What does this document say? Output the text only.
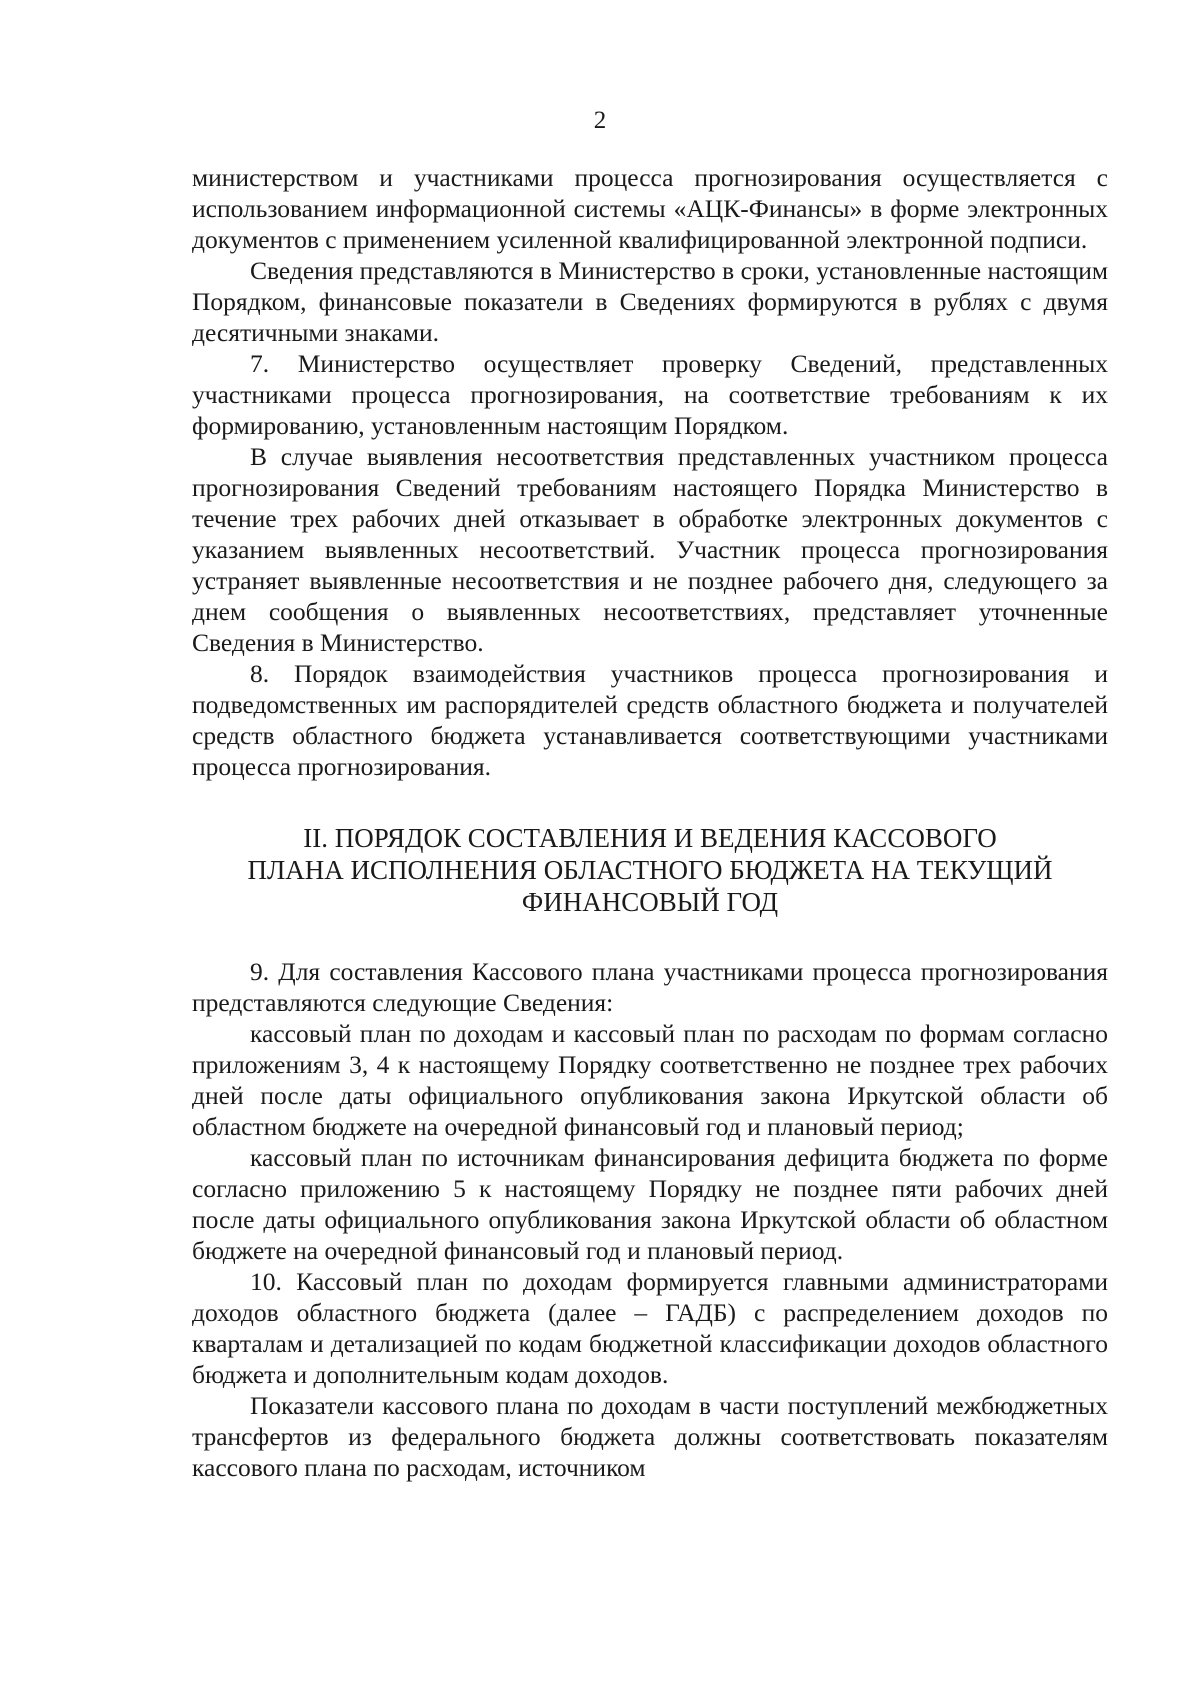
2

министерством и участниками процесса прогнозирования осуществляется с использованием информационной системы «АЦК-Финансы» в форме электронных документов с применением усиленной квалифицированной электронной подписи.

Сведения представляются в Министерство в сроки, установленные настоящим Порядком, финансовые показатели в Сведениях формируются в рублях с двумя десятичными знаками.

7. Министерство осуществляет проверку Сведений, представленных участниками процесса прогнозирования, на соответствие требованиям к их формированию, установленным настоящим Порядком.

В случае выявления несоответствия представленных участником процесса прогнозирования Сведений требованиям настоящего Порядка Министерство в течение трех рабочих дней отказывает в обработке электронных документов с указанием выявленных несоответствий. Участник процесса прогнозирования устраняет выявленные несоответствия и не позднее рабочего дня, следующего за днем сообщения о выявленных несоответствиях, представляет уточненные Сведения в Министерство.

8. Порядок взаимодействия участников процесса прогнозирования и подведомственных им распорядителей средств областного бюджета и получателей средств областного бюджета устанавливается соответствующими участниками процесса прогнозирования.

II. ПОРЯДОК СОСТАВЛЕНИЯ И ВЕДЕНИЯ КАССОВОГО
ПЛАНА ИСПОЛНЕНИЯ ОБЛАСТНОГО БЮДЖЕТА НА ТЕКУЩИЙ
ФИНАНСОВЫЙ ГОД

9. Для составления Кассового плана участниками процесса прогнозирования представляются следующие Сведения:

кассовый план по доходам и кассовый план по расходам по формам согласно приложениям 3, 4 к настоящему Порядку соответственно не позднее трех рабочих дней после даты официального опубликования закона Иркутской области об областном бюджете на очередной финансовый год и плановый период;

кассовый план по источникам финансирования дефицита бюджета по форме согласно приложению 5 к настоящему Порядку не позднее пяти рабочих дней после даты официального опубликования закона Иркутской области об областном бюджете на очередной финансовый год и плановый период.

10. Кассовый план по доходам формируется главными администраторами доходов областного бюджета (далее – ГАДБ) с распределением доходов по кварталам и детализацией по кодам бюджетной классификации доходов областного бюджета и дополнительным кодам доходов.

Показатели кассового плана по доходам в части поступлений межбюджетных трансфертов из федерального бюджета должны соответствовать показателям кассового плана по расходам, источником
